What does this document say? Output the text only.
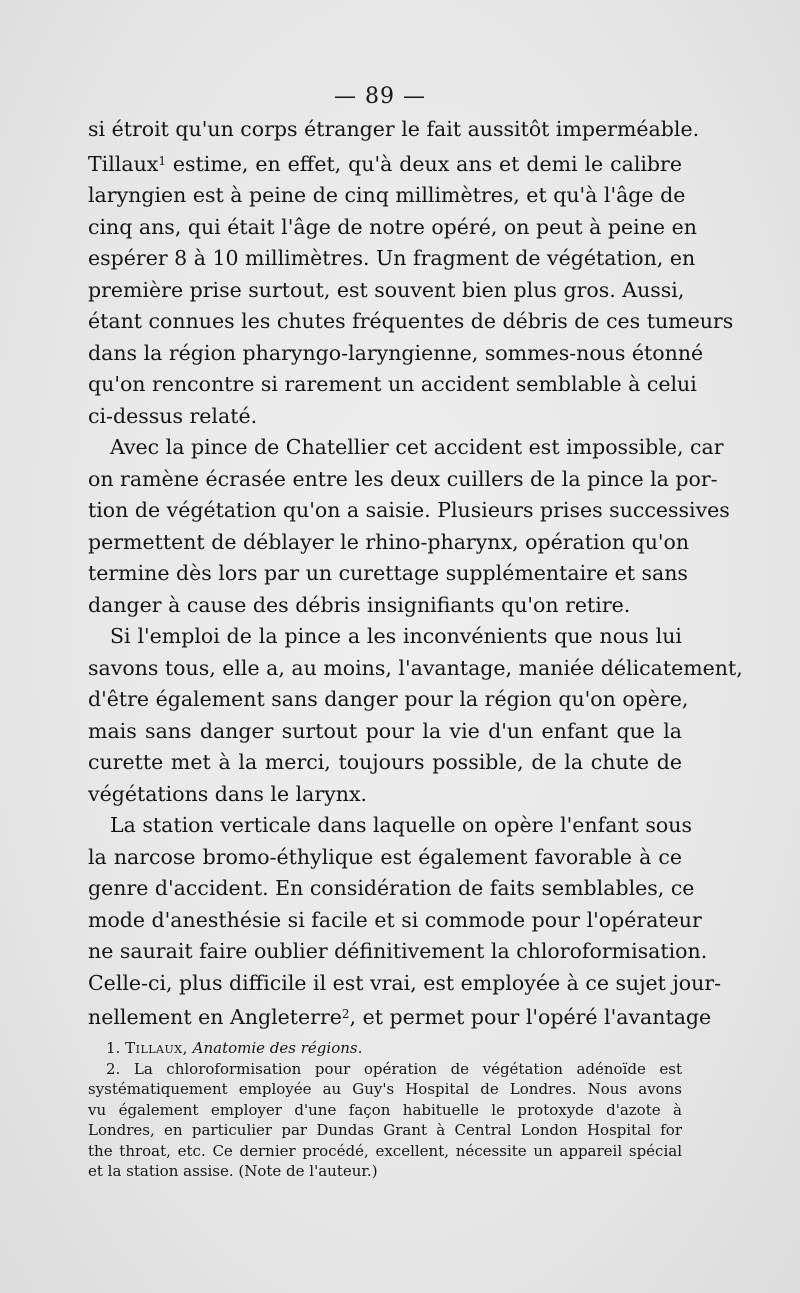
— 89 —

si étroit qu'un corps étranger le fait aussitôt imperméable.
Tillaux$^1$ estime, en effet, qu'à deux ans et demi le calibre
laryngien est à peine de cinq millimètres, et qu'à l'âge de
cinq ans, qui était l'âge de notre opéré, on peut à peine en
espérer 8 à 10 millimètres. Un fragment de végétation, en
première prise surtout, est souvent bien plus gros. Aussi,
étant connues les chutes fréquentes de débris de ces tumeurs
dans la région pharyngo-laryngienne, sommes-nous étonné
qu'on rencontre si rarement un accident semblable à celui
ci-dessus relaté.

Avec la pince de Chatellier cet accident est impossible, car
on ramène écrasée entre les deux cuillers de la pince la por-
tion de végétation qu'on a saisie. Plusieurs prises successives
permettent de déblayer le rhino-pharynx, opération qu'on
termine dès lors par un curettage supplémentaire et sans
danger à cause des débris insignifiants qu'on retire.

Si l'emploi de la pince a les inconvénients que nous lui
savons tous, elle a, au moins, l'avantage, maniée délicatement,
d'être également sans danger pour la région qu'on opère,
mais sans danger surtout pour la vie d'un enfant que la
curette met à la merci, toujours possible, de la chute de
végétations dans le larynx.

La station verticale dans laquelle on opère l'enfant sous
la narcose bromo-éthylique est également favorable à ce
genre d'accident. En considération de faits semblables, ce
mode d'anesthésie si facile et si commode pour l'opérateur
ne saurait faire oublier définitivement la chloroformisation.
Celle-ci, plus difficile il est vrai, est employée à ce sujet jour-
nellement en Angleterre$^2$, et permet pour l'opéré l'avantage

1. Tillaux, Anatomie des régions.
2. La chloroformisation pour opération de végétation adénoïde est
systématiquement employée au Guy's Hospital de Londres. Nous avons
vu également employer d'une façon habituelle le protoxyde d'azote à
Londres, en particulier par Dundas Grant à Central London Hospital for
the throat, etc. Ce dernier procédé, excellent, nécessite un appareil spécial
et la station assise. (Note de l'auteur.)
